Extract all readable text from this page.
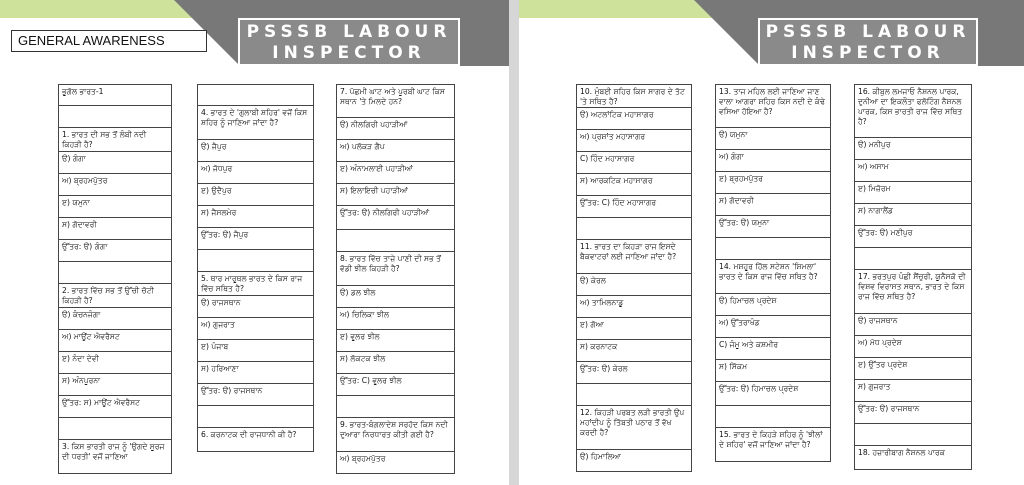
PSSSB LABOUR
INSPECTOR
GENERAL AWARENESS
ਭੂਗੋਲ ਭਾਰਤ-1
1. ਭਾਰਤ ਦੀ ਸਭ ਤੋਂ ਲੰਬੀ ਨਦੀ ਕਿਹੜੀ ਹੈ?
ੳ) ਗੰਗਾ
ਅ) ਬ੍ਰਹਮਪੁੱਤਰ
ੲ) ਯਮੁਨਾ
ਸ) ਗੋਦਾਵਰੀ
ਉੱਤਰ: ੳ) ਗੰਗਾ
2. ਭਾਰਤ ਵਿੱਚ ਸਭ ਤੋਂ ਉੱਚੀ ਚੋਟੀ ਕਿਹੜੀ ਹੈ?
ੳ) ਕੰਚਨਜੰਗਾ
ਅ) ਮਾਊਂਟ ਐਵਰੈਸਟ
ੲ) ਨੰਦਾ ਦੇਵੀ
ਸ) ਅੰਨਪੂਰਨਾ
ਉੱਤਰ: ਸ) ਮਾਊਂਟ ਐਵਰੈਸਟ
3. ਕਿਸ ਭਾਰਤੀ ਰਾਜ ਨੂੰ 'ਉਗਦੇ ਸੂਰਜ ਦੀ ਧਰਤੀ' ਵਜੋਂ ਜਾਣਿਆ
4. ਭਾਰਤ ਦੇ 'ਗੁਲਾਬੀ ਸ਼ਹਿਰ' ਵਜੋਂ ਕਿਸ ਸ਼ਹਿਰ ਨੂੰ ਜਾਣਿਆ ਜਾਂਦਾ ਹੈ?
ੳ) ਜੈਪੁਰ
ਅ) ਜੋਧਪੁਰ
ੲ) ਉਦੈਪੁਰ
ਸ) ਜੈਸਲਮੇਰ
ਉੱਤਰ: ੳ) ਜੈਪੁਰ
5. ਥਾਰ ਮਾਰੂਥਲ ਭਾਰਤ ਦੇ ਕਿਸ ਰਾਜ ਵਿੱਚ ਸਥਿਤ ਹੈ?
ੳ) ਰਾਜਸਥਾਨ
ਅ) ਗੁਜਰਾਤ
ੲ) ਪੰਜਾਬ
ਸ) ਹਰਿਆਣਾ
ਉੱਤਰ: ੳ) ਰਾਜਸਥਾਨ
6. ਕਰਨਾਟਕ ਦੀ ਰਾਜਧਾਨੀ ਕੀ ਹੈ?
7. ਪੱਛਮੀ ਘਾਟ ਅਤੇ ਪੂਰਬੀ ਘਾਟ ਕਿਸ ਸਥਾਨ 'ਤੇ ਮਿਲਦੇ ਹਨ?
ੳ) ਨੀਲਗਿਰੀ ਪਹਾੜੀਆਂ
ਅ) ਪਲੱਕੜ ਗੈਪ
ੲ) ਅੰਨਾਮਲਾਈ ਪਹਾੜੀਆਂ
ਸ) ਇਲਾਇਚੀ ਪਹਾੜੀਆਂ
ਉੱਤਰ: ੳ) ਨੀਲਗਿਰੀ ਪਹਾੜੀਆਂ
8. ਭਾਰਤ ਵਿੱਚ ਤਾਜ਼ੇ ਪਾਣੀ ਦੀ ਸਭ ਤੋਂ ਵੱਡੀ ਝੀਲ ਕਿਹੜੀ ਹੈ?
ੳ) ਡਲ ਝੀਲ
ਅ) ਚਿਲਿਕਾ ਝੀਲ
ੲ) ਵੂਲਰ ਝੀਲ
ਸ) ਲੋਕਟਕ ਝੀਲ
ਉੱਤਰ: C) ਵੂਲਰ ਝੀਲ
9. ਭਾਰਤ-ਬੰਗਲਾਦੇਸ਼ ਸਰਹੱਦ ਕਿਸ ਨਦੀ ਦੁਆਰਾ ਨਿਰਧਾਰਤ ਕੀਤੀ ਗਈ ਹੈ?
ਅ) ਬ੍ਰਹਮਪੁੱਤਰ
PSSSB LABOUR
INSPECTOR
10. ਮੁੰਬਈ ਸ਼ਹਿਰ ਕਿਸ ਸਾਗਰ ਦੇ ਤੱਟ 'ਤੇ ਸਥਿਤ ਹੈ?
ੳ) ਅਟਲਾਂਟਿਕ ਮਹਾਸਾਗਰ
ਅ) ਪ੍ਰਸ਼ਾਂਤ ਮਹਾਸਾਗਰ
C) ਹਿੰਦ ਮਹਾਸਾਗਰ
ਸ) ਆਰਕਟਿਕ ਮਹਾਸਾਗਰ
ਉੱਤਰ: C) ਹਿੰਦ ਮਹਾਸਾਗਰ
11. ਭਾਰਤ ਦਾ ਕਿਹੜਾ ਰਾਜ ਇਸਦੇ ਬੈਕਵਾਟਰਾਂ ਲਈ ਜਾਣਿਆ ਜਾਂਦਾ ਹੈ?
ੳ) ਕੇਰਲ
ਅ) ਤਾਮਿਲਨਾਡੂ
ੲ) ਗੋਆ
ਸ) ਕਰਨਾਟਕ
ਉੱਤਰ: ੳ) ਕੇਰਲ
12. ਕਿਹੜੀ ਪਰਬਤ ਲੜੀ ਭਾਰਤੀ ਉਪ ਮਹਾਂਦੀਪ ਨੂੰ ਤਿੱਬਤੀ ਪਠਾਰ ਤੋਂ ਵੱਖ ਕਰਦੀ ਹੈ?
ੳ) ਹਿਮਾਲਿਆ
13. ਤਾਜ ਮਹਿਲ ਲਈ ਜਾਣਿਆ ਜਾਣ ਵਾਲਾ ਆਗਰਾ ਸ਼ਹਿਰ ਕਿਸ ਨਦੀ ਦੇ ਕੰਢੇ ਵਸਿਆ ਹੋਇਆ ਹੈ?
ੳ) ਯਮੁਨਾ
ਅ) ਗੰਗਾ
ੲ) ਬ੍ਰਹਮਪੁੱਤਰ
ਸ) ਗੋਦਾਵਰੀ
ਉੱਤਰ: ੳ) ਯਮੁਨਾ
14. ਮਸ਼ਹੂਰ ਹਿੱਲ ਸਟੇਸ਼ਨ 'ਸ਼ਿਮਲਾ' ਭਾਰਤ ਦੇ ਕਿਸ ਰਾਜ ਵਿੱਚ ਸਥਿਤ ਹੈ?
ੳ) ਹਿਮਾਚਲ ਪ੍ਰਦੇਸ਼
ਅ) ਉੱਤਰਾਖੰਡ
C) ਜੰਮੂ ਅਤੇ ਕਸ਼ਮੀਰ
ਸ) ਸਿੱਕਮ
ਉੱਤਰ: ੳ) ਹਿਮਾਚਲ ਪ੍ਰਦੇਸ਼
15. ਭਾਰਤ ਦੇ ਕਿਹੜੇ ਸ਼ਹਿਰ ਨੂੰ 'ਝੀਲਾਂ ਦੇ ਸ਼ਹਿਰ' ਵਜੋਂ ਜਾਣਿਆ ਜਾਂਦਾ ਹੈ?
16. ਕੀਬੁਲ ਲਮਜਾਓ ਨੈਸ਼ਨਲ ਪਾਰਕ, ਦੁਨੀਆ ਦਾ ਇਕਲੌਤਾ ਫਲੋਟਿੰਗ ਨੈਸ਼ਨਲ ਪਾਰਕ, ਕਿਸ ਭਾਰਤੀ ਰਾਜ ਵਿੱਚ ਸਥਿਤ ਹੈ?
ੳ) ਮਨੀਪੁਰ
ਅ) ਅਸਾਮ
ੲ) ਮਿਜ਼ੋਰਮ
ਸ) ਨਾਗਾਲੈਂਡ
ਉੱਤਰ: ੳ) ਮਣੀਪੁਰ
17. ਭਰਤਪੁਰ ਪੰਛੀ ਸੈਂਚੁਰੀ, ਯੂਨੈਸਕੋ ਦੀ ਵਿਸ਼ਵ ਵਿਰਾਸਤ ਸਥਾਨ, ਭਾਰਤ ਦੇ ਕਿਸ ਰਾਜ ਵਿੱਚ ਸਥਿਤ ਹੈ?
ੳ) ਰਾਜਸਥਾਨ
ਅ) ਮੱਧ ਪ੍ਰਦੇਸ਼
ੲ) ਉੱਤਰ ਪ੍ਰਦੇਸ਼
ਸ) ਗੁਜਰਾਤ
ਉੱਤਰ: ੳ) ਰਾਜਸਥਾਨ
18. ਹਜ਼ਾਰੀਬਾਗ ਨੈਸ਼ਨਲ ਪਾਰਕ
